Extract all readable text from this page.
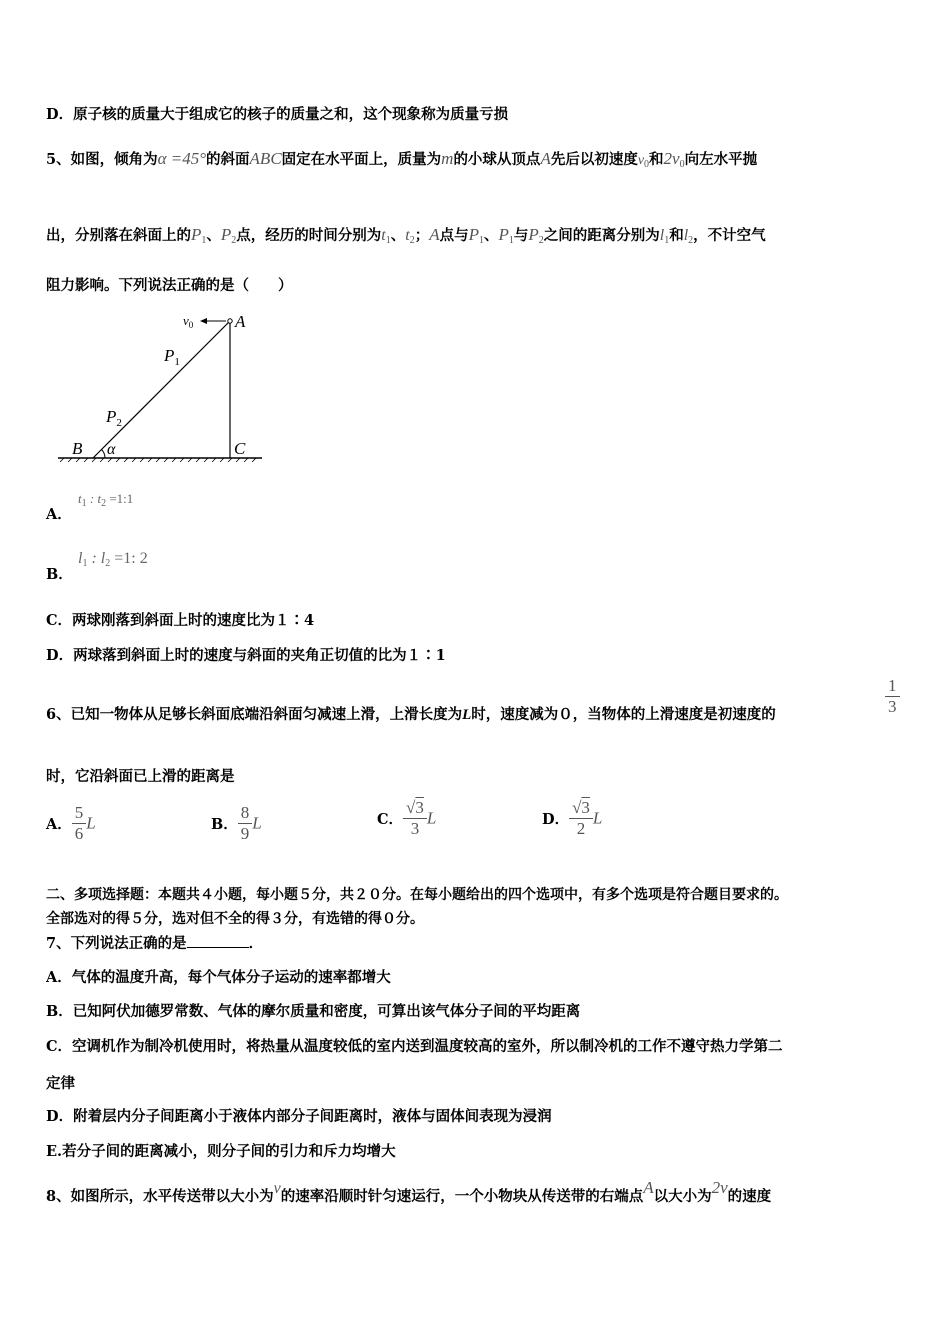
D．原子核的质量大于组成它的核子的质量之和，这个现象称为质量亏损
5、如图，倾角为α =45°的斜面ABC固定在水平面上，质量为m的小球从顶点A先后以初速度$v_0$和$2v_0$向左水平抛
出，分别落在斜面上的$P_1$、$P_2$点，经历的时间分别为$t_1$、$t_2$；A点与$P_1$、$P_1$与$P_2$之间的距离分别为$l_1$和$l_2$，不计空气
阻力影响。下列说法正确的是（　　）
$v_0$ A
$P_1$
$P_2$
B α	C
A．
$t_1$ : $t_2$ =1:1
B．
$l_1$ : $l_2 =1$: 2
C．两球刚落到斜面上时的速度比为１∶4
D．两球落到斜面上时的速度与斜面的夹角正切值的比为１∶1
6、已知一物体从足够长斜面底端沿斜面匀减速上滑，上滑长度为L时，速度减为０，当物体的上滑速度是初速度的	$\frac{1}{3}$
时，它沿斜面已上滑的距离是
A． $\frac{5}{6}$ L	B． $\frac{8}{9}$ L	C． $\frac{√3}{3}$ L	D． $\frac{√3}{2}$ L
二、多项选择题：本题共４小题，每小题５分，共２０分。在每小题给出的四个选项中，有多个选项是符合题目要求的。
全部选对的得５分，选对但不全的得３分，有选错的得０分。
7、下列说法正确的是	．
A．气体的温度升高，每个气体分子运动的速率都增大
B．已知阿伏加德罗常数、气体的摩尔质量和密度，可算出该气体分子间的平均距离
C．空调机作为制冷机使用时，将热量从温度较低的室内送到温度较高的室外，所以制冷机的工作不遵守热力学第二
定律
D．附着层内分子间距离小于液体内部分子间距离时，液体与固体间表现为浸润
E.若分子间的距离减小，则分子间的引力和斥力均增大
8、如图所示，水平传送带以大小为v的速率沿顺时针匀速运行，一个小物块从传送带的右端点A以大小为2v的速度
